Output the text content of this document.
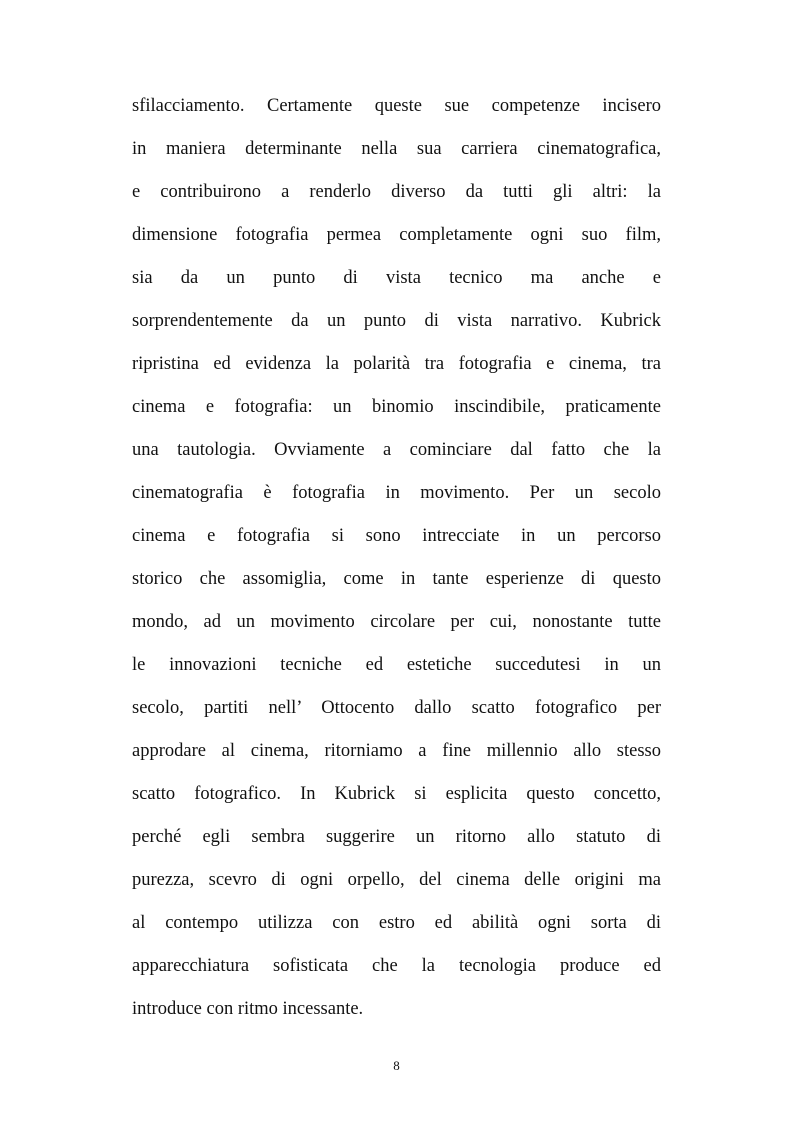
sfilacciamento. Certamente queste sue competenze incisero
in maniera determinante nella sua carriera cinematografica,
e contribuirono a renderlo diverso da tutti gli altri: la
dimensione fotografia permea completamente ogni suo film,
sia da un punto di vista tecnico ma anche e
sorprendentemente da un punto di vista narrativo. Kubrick
ripristina ed evidenza la polarità tra fotografia e cinema, tra
cinema e fotografia: un binomio inscindibile, praticamente
una tautologia. Ovviamente a cominciare dal fatto che la
cinematografia è fotografia in movimento. Per un secolo
cinema e fotografia si sono intrecciate in un percorso
storico che assomiglia, come in tante esperienze di questo
mondo, ad un movimento circolare per cui, nonostante tutte
le innovazioni tecniche ed estetiche succedutesi in un
secolo, partiti nell’ Ottocento dallo scatto fotografico per
approdare al cinema, ritorniamo a fine millennio allo stesso
scatto fotografico. In Kubrick si esplicita questo concetto,
perché egli sembra suggerire un ritorno allo statuto di
purezza, scevro di ogni orpello, del cinema delle origini ma
al contempo utilizza con estro ed abilità ogni sorta di
apparecchiatura sofisticata che la tecnologia produce ed
introduce con ritmo incessante.
8
